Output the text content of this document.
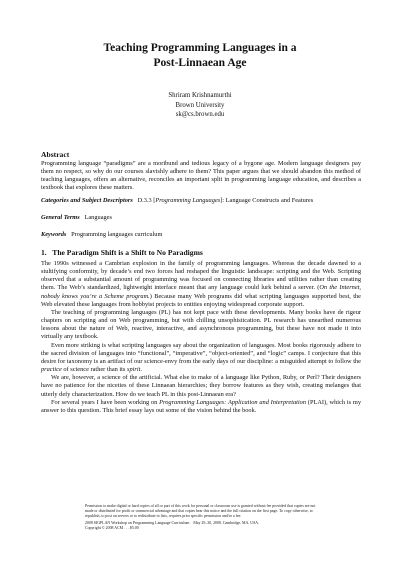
Teaching Programming Languages in a
Post-Linnaean Age
Shriram Krishnamurthi
Brown University
sk@cs.brown.edu
Abstract

Programming language “paradigms” are a moribund and tedious legacy of a bygone age. Modern language designers pay them no respect, so why do our courses slavishly adhere to them? This paper argues that we should abandon this method of teaching languages, offers an alternative, reconciles an important split in programming language education, and describes a textbook that explores these matters.

Categories and Subject Descriptors D.3.3 [Programming Languages]: Language Constructs and Features
General Terms Languages
Keywords Programming languages curriculum
1.   The Paradigm Shift is a Shift to No Paradigms

The 1990s witnessed a Cambrian explosion in the family of programming languages. Whereas the decade dawned to a stultifying conformity, by decade’s end two forces had reshaped the linguistic landscape: scripting and the Web. Scripting observed that a substantial amount of programming was focused on connecting libraries and utilities rather than creating them. The Web’s standardized, lightweight interface meant that any language could lurk behind a server. (On the Internet, nobody knows you’re a Scheme program.) Because many Web programs did what scripting languages supported best, the Web elevated these languages from hobbyist projects to entities enjoying widespread corporate support.

The teaching of programming languages (PL) has not kept pace with these developments. Many books have de rigeur chapters on scripting and on Web programming, but with chilling unsophistication. PL research has unearthed numerous lessons about the nature of Web, reactive, interactive, and asynchronous programming, but these have not made it into virtually any textbook.

Even more striking is what scripting languages say about the organization of languages. Most books rigorously adhere to the sacred division of languages into “functional”, “imperative”, “object-oriented”, and “logic” camps. I conjecture that this desire for taxonomy is an artifact of our science-envy from the early days of our discipline: a misguided attempt to follow the practice of science rather than its spirit.

We are, however, a science of the artificial. What else to make of a language like Python, Ruby, or Perl? Their designers have no patience for the niceties of these Linnaean hierarchies; they borrow features as they wish, creating melanges that utterly defy characterization. How do we teach PL in this post-Linnaean era?

For several years I have been working on Programming Languages: Application and Interpretation (PLAI), which is my answer to this question. This brief essay lays out some of the vision behind the book.

Permission to make digital or hard copies of all or part of this work for personal or classroom use is granted without fee provided that copies are not made or distributed for profit or commercial advantage and that copies bear this notice and the full citation on the first page. To copy otherwise, to republish, to post on servers or to redistribute to lists, requires prior specific permission and/or a fee.

2008 SIGPLAN Workshop on Programming Language Curriculum    May 29–30, 2008, Cambridge, MA, USA.

Copyright © 2008 ACM . . . $5.00
